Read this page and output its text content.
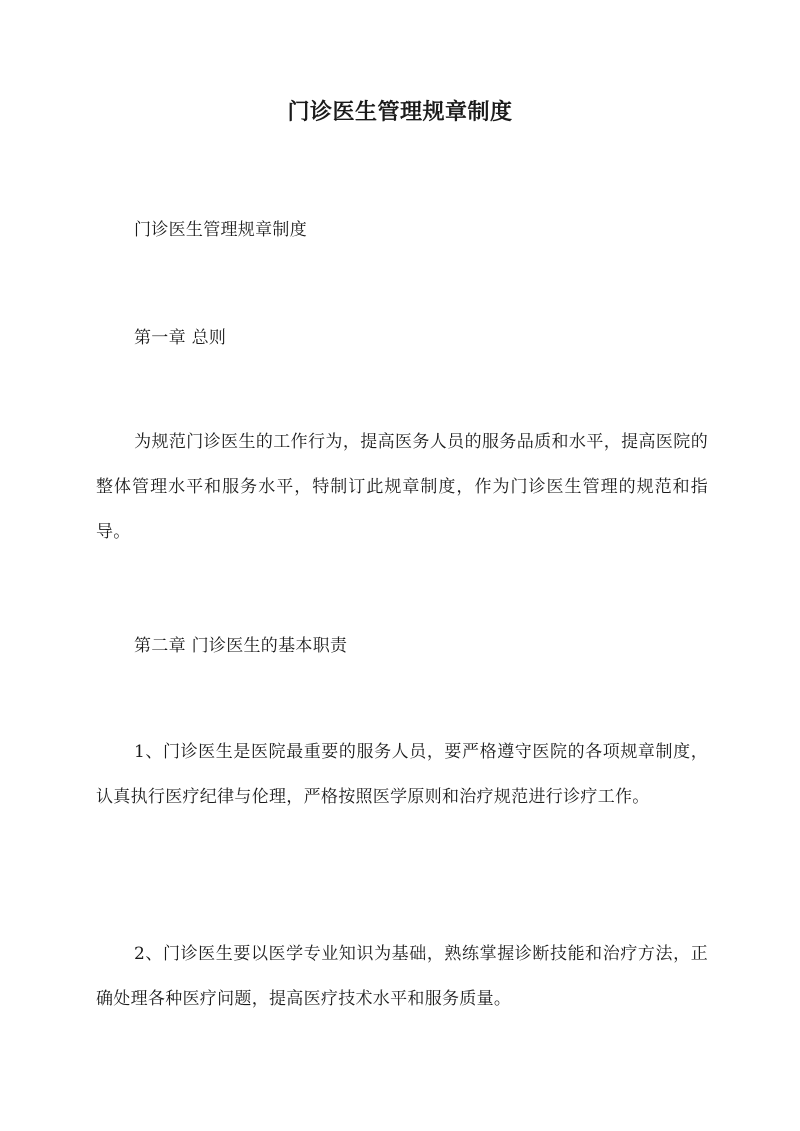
门诊医生管理规章制度
门诊医生管理规章制度
第一章 总则
为规范门诊医生的工作行为，提高医务人员的服务品质和水平，提高医院的整体管理水平和服务水平，特制订此规章制度，作为门诊医生管理的规范和指导。
第二章 门诊医生的基本职责
1、门诊医生是医院最重要的服务人员，要严格遵守医院的各项规章制度，认真执行医疗纪律与伦理，严格按照医学原则和治疗规范进行诊疗工作。
2、门诊医生要以医学专业知识为基础，熟练掌握诊断技能和治疗方法，正确处理各种医疗问题，提高医疗技术水平和服务质量。
